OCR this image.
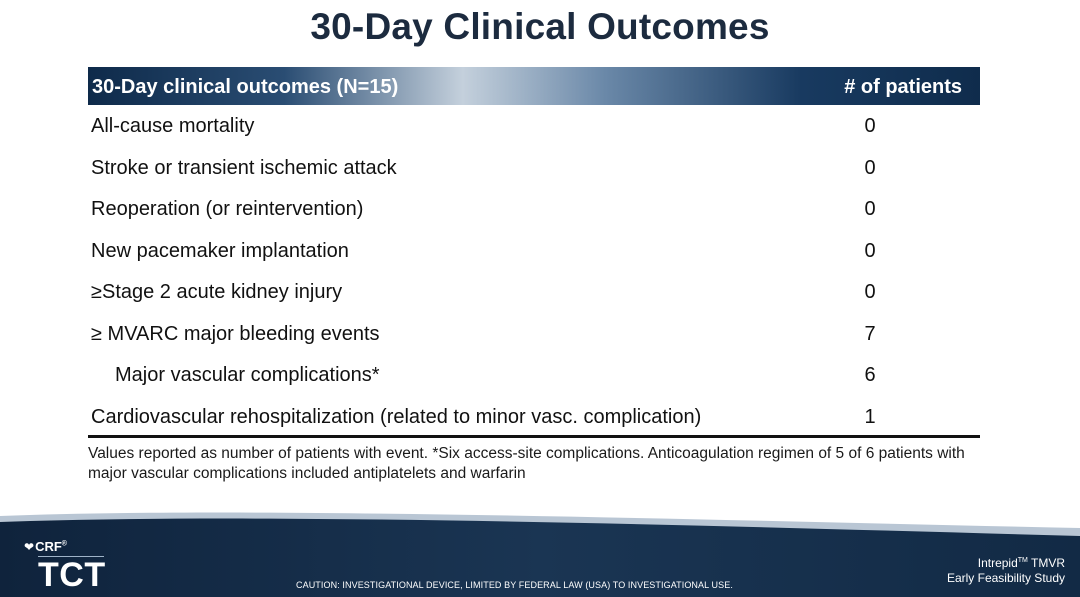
30-Day Clinical Outcomes
30-Day clinical outcomes (N=15)	# of patients
All-cause mortality	0
Stroke or transient ischemic attack	0
Reoperation (or reintervention)	0
New pacemaker implantation	0
≥Stage 2 acute kidney injury	0
≥ MVARC major bleeding events	7
Major vascular complications*	6
Cardiovascular rehospitalization (related to minor vasc. complication)	1
Values reported as number of patients with event. *Six access-site complications. Anticoagulation regimen of 5 of 6 patients with major vascular complications included antiplatelets and warfarin
❤CRF®
TCT	CAUTION: INVESTIGATIONAL DEVICE, LIMITED BY FEDERAL LAW (USA) TO INVESTIGATIONAL USE.
Intrepid™ TMVR
Early Feasibility Study
